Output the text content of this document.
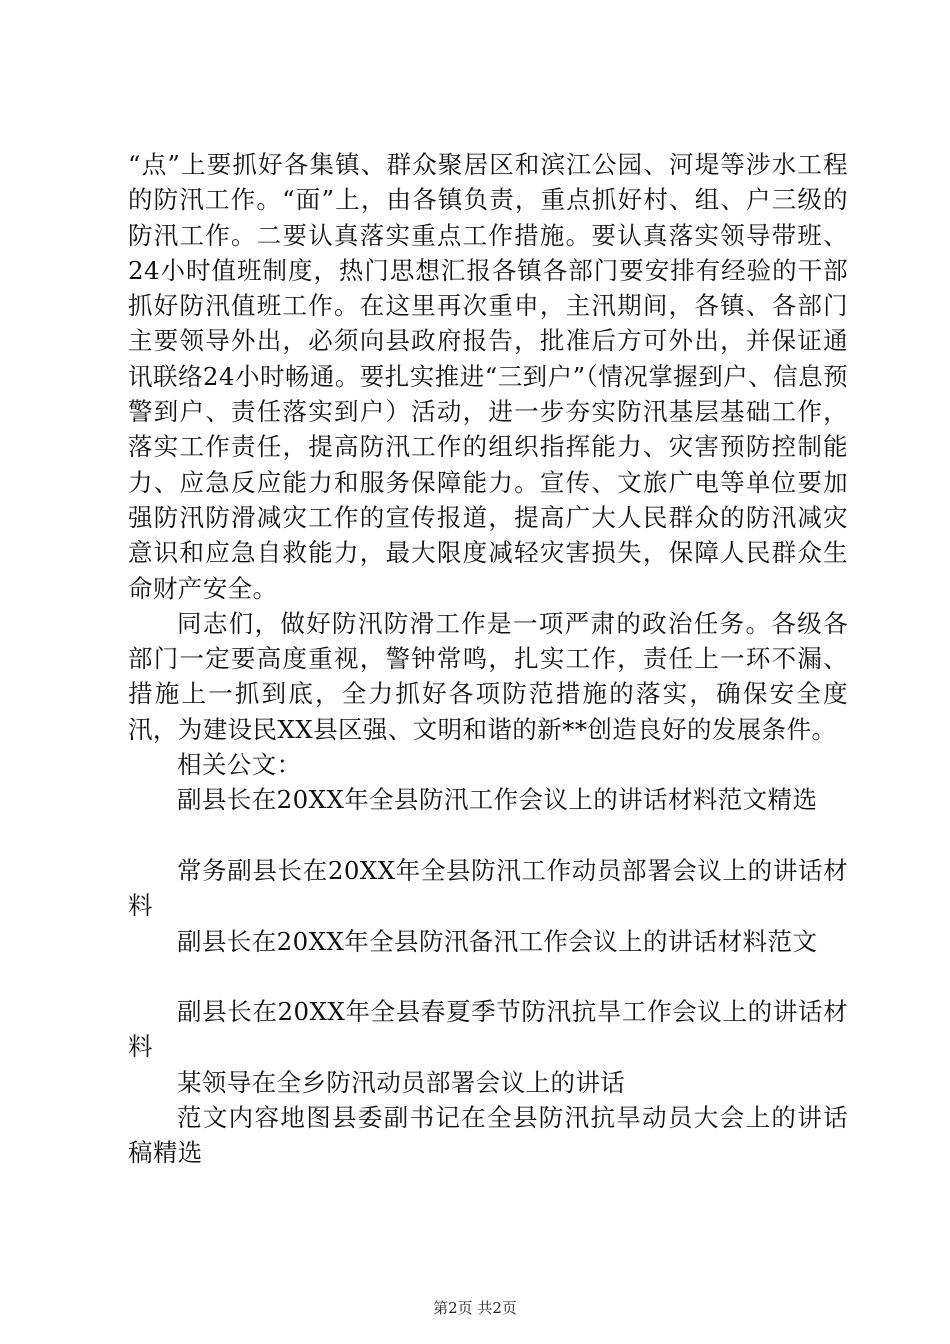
“点”上要抓好各集镇、群众聚居区和滨江公园、河堤等涉水工程的防汛工作。“面”上，由各镇负责，重点抓好村、组、户三级的防汛工作。二要认真落实重点工作措施。要认真落实领导带班、24小时值班制度，热门思想汇报各镇各部门要安排有经验的干部抓好防汛值班工作。在这里再次重申，主汛期间，各镇、各部门主要领导外出，必须向县政府报告，批准后方可外出，并保证通讯联络24小时畅通。要扎实推进“三到户”（情况掌握到户、信息预警到户、责任落实到户）活动，进一步夯实防汛基层基础工作，落实工作责任，提高防汛工作的组织指挥能力、灾害预防控制能力、应急反应能力和服务保障能力。宣传、文旅广电等单位要加强防汛防滑减灾工作的宣传报道，提高广大人民群众的防汛减灾意识和应急自救能力，最大限度减轻灾害损失，保障人民群众生命财产安全。

同志们，做好防汛防滑工作是一项严肃的政治任务。各级各部门一定要高度重视，警钟常鸣，扎实工作，责任上一环不漏、措施上一抓到底，全力抓好各项防范措施的落实，确保安全度汛，为建设民XX县区强、文明和谐的新**创造良好的发展条件。

相关公文：

副县长在20XX年全县防汛工作会议上的讲话材料范文精选

常务副县长在20XX年全县防汛工作动员部署会议上的讲话材料

副县长在20XX年全县防汛备汛工作会议上的讲话材料范文

副县长在20XX年全县春夏季节防汛抗旱工作会议上的讲话材料

某领导在全乡防汛动员部署会议上的讲话

范文内容地图县委副书记在全县防汛抗旱动员大会上的讲话稿精选

第2页 共2页
